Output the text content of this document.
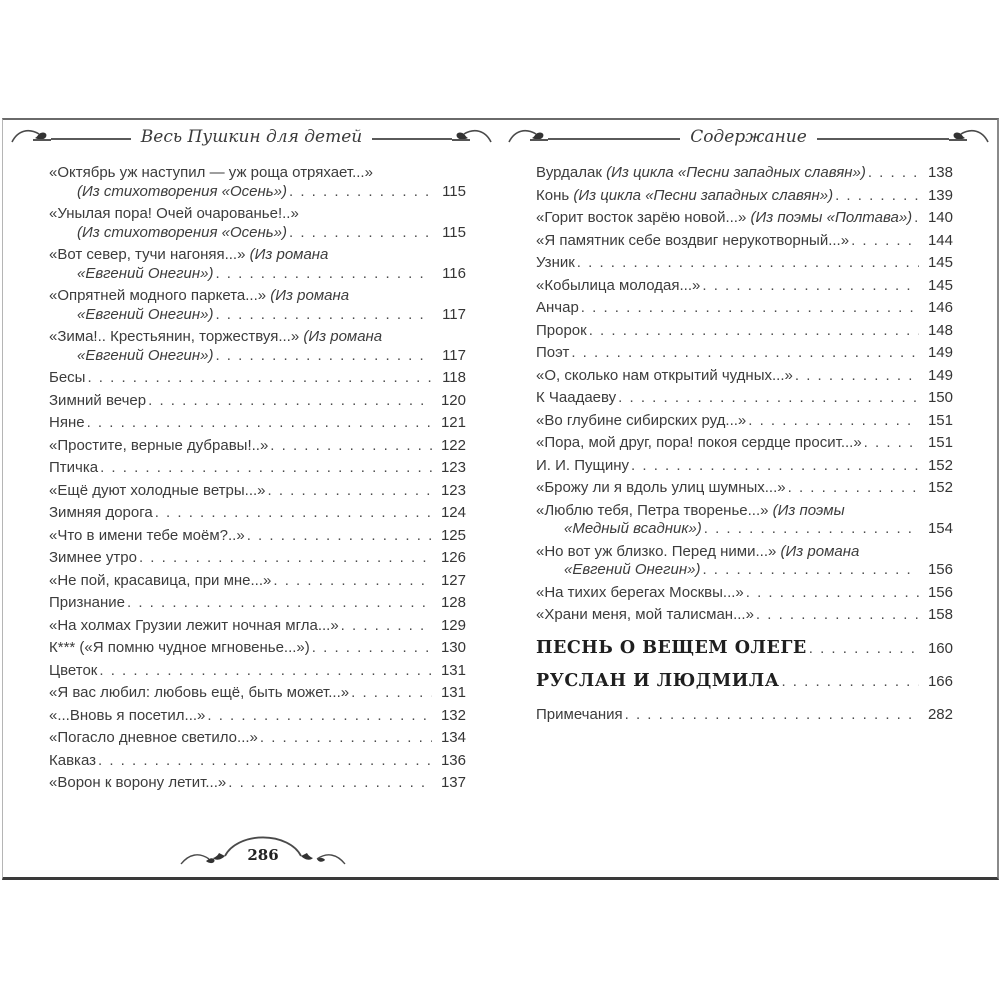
Весь Пушкин для детей
«Октябрь уж наступил — уж роща отряхает...»
(Из стихотворения «Осень») . . .	115
«Унылая пора! Очей очарованье!..»
(Из стихотворения «Осень») . . .	115
«Вот север, тучи нагоняя...» (Из романа
«Евгений Онегин») . . .	116
«Опрятней модного паркета...» (Из романа
«Евгений Онегин») . . .	117
«Зима!.. Крестьянин, торжествуя...» (Из романа
«Евгений Онегин») . . .	117
Бесы . . .	118
Зимний вечер . . .	120
Няне . . .	121
«Простите, верные дубравы!..» . . .	122
Птичка . . .	123
«Ещё дуют холодные ветры...» . . .	123
Зимняя дорога . . .	124
«Что в имени тебе моём?..» . . .	125
Зимнее утро . . .	126
«Не пой, красавица, при мне...» . . .	127
Признание . . .	128
«На холмах Грузии лежит ночная мгла...» . . .	129
К*** («Я помню чудное мгновенье...») . . .	130
Цветок . . .	131
«Я вас любил: любовь ещё, быть может...» . . .	131
«...Вновь я посетил...» . . .	132
«Погасло дневное светило...» . . .	134
Кавказ . . .	136
«Ворон к ворону летит...» . . .	137
286
Содержание
Вурдалак (Из цикла «Песни западных славян») . . .	138
Конь (Из цикла «Песни западных славян») . . .	139
«Горит восток зарёю новой...» (Из поэмы «Полтава») . . .	140
«Я памятник себе воздвиг нерукотворный...» . . .	144
Узник . . .	145
«Кобылица молодая...» . . .	145
Анчар . . .	146
Пророк . . .	148
Поэт . . .	149
«О, сколько нам открытий чудных...» . . .	149
К Чаадаеву . . .	150
«Во глубине сибирских руд...» . . .	151
«Пора, мой друг, пора! покоя сердце просит...» . . .	151
И. И. Пущину . . .	152
«Брожу ли я вдоль улиц шумных...» . . .	152
«Люблю тебя, Петра творенье...» (Из поэмы
«Медный всадник») . . .	154
«Но вот уж близко. Перед ними...» (Из романа
«Евгений Онегин») . . .	156
«На тихих берегах Москвы...» . . .	156
«Храни меня, мой талисман...» . . .	158
ПЕСНЬ О ВЕЩЕМ ОЛЕГЕ . . .	160
РУСЛАН И ЛЮДМИЛА . . .	166
Примечания . . .	282
